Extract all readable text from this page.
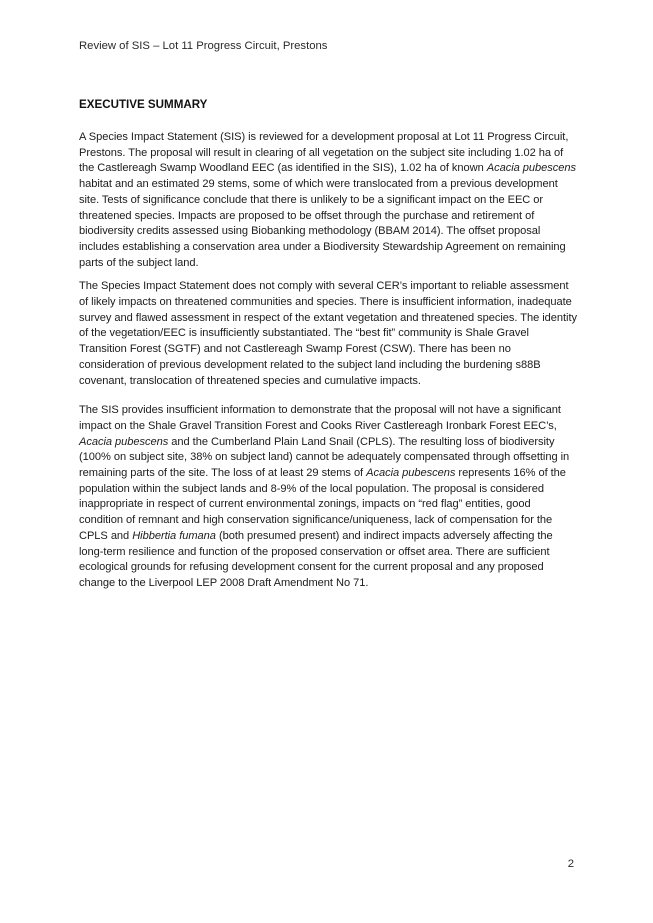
Review of SIS – Lot 11 Progress Circuit, Prestons
EXECUTIVE SUMMARY

A Species Impact Statement (SIS) is reviewed for a development proposal at Lot 11 Progress Circuit, Prestons. The proposal will result in clearing of all vegetation on the subject site including 1.02 ha of the Castlereagh Swamp Woodland EEC (as identified in the SIS), 1.02 ha of known Acacia pubescens habitat and an estimated 29 stems, some of which were translocated from a previous development site. Tests of significance conclude that there is unlikely to be a significant impact on the EEC or threatened species. Impacts are proposed to be offset through the purchase and retirement of biodiversity credits assessed using Biobanking methodology (BBAM 2014). The offset proposal includes establishing a conservation area under a Biodiversity Stewardship Agreement on remaining parts of the subject land.

The Species Impact Statement does not comply with several CER’s important to reliable assessment of likely impacts on threatened communities and species. There is insufficient information, inadequate survey and flawed assessment in respect of the extant vegetation and threatened species. The identity of the vegetation/EEC is insufficiently substantiated. The “best fit” community is Shale Gravel Transition Forest (SGTF) and not Castlereagh Swamp Forest (CSW). There has been no consideration of previous development related to the subject land including the burdening s88B covenant, translocation of threatened species and cumulative impacts.

The SIS provides insufficient information to demonstrate that the proposal will not have a significant impact on the Shale Gravel Transition Forest and Cooks River Castlereagh Ironbark Forest EEC’s, Acacia pubescens and the Cumberland Plain Land Snail (CPLS). The resulting loss of biodiversity (100% on subject site, 38% on subject land) cannot be adequately compensated through offsetting in remaining parts of the site. The loss of at least 29 stems of Acacia pubescens represents 16% of the population within the subject lands and 8-9% of the local population. The proposal is considered inappropriate in respect of current environmental zonings, impacts on “red flag” entities, good condition of remnant and high conservation significance/uniqueness, lack of compensation for the CPLS and Hibbertia fumana (both presumed present) and indirect impacts adversely affecting the long-term resilience and function of the proposed conservation or offset area. There are sufficient ecological grounds for refusing development consent for the current proposal and any proposed change to the Liverpool LEP 2008 Draft Amendment No 71.

2
